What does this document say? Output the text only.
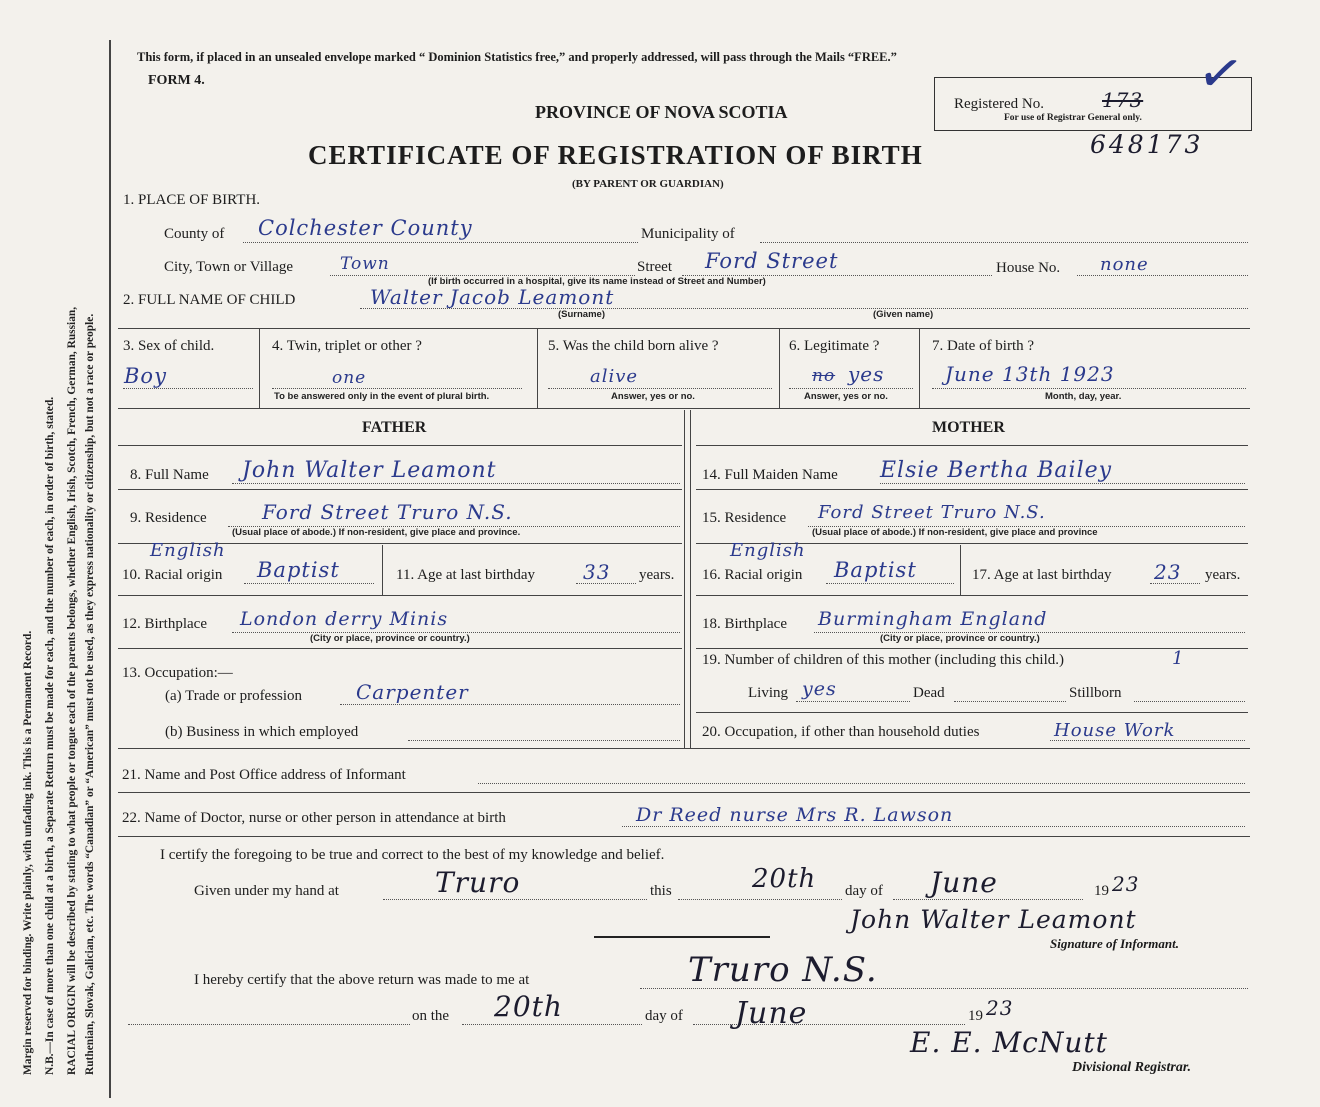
Margin reserved for binding. Write plainly, with unfading ink. This is a Permanent Record. N.B.—In case of more than one child at a birth, a Separate Return must be made for each, and the number of each, in order of birth, stated. RACIAL ORIGIN will be described by stating to what people or tongue each of the parents belongs, whether English, Irish, Scotch, French, German, Russian, Ruthenian, Slovak, Galician, etc. The words “Canadian” or “American” must not be used, as they express nationality or citizenship, but not a race or people.
This form, if placed in an unsealed envelope marked “ Dominion Statistics free,” and properly addressed, will pass through the Mails “FREE.”
FORM 4.
PROVINCE OF NOVA SCOTIA
CERTIFICATE OF REGISTRATION OF BIRTH
(BY PARENT OR GUARDIAN)
Registered No.	173 ✓
For use of Registrar General only.
648173
1. PLACE OF BIRTH.
County of Colchester County	Municipality of
City, Town or Village	Town	Street Ford Street
(If birth occurred in a hospital, give its name instead of Street and Number)
House No. none
2. FULL NAME OF CHILD	Walter Jacob Leamont
(Surname)	(Given name)
3. Sex of child.
Boy
4. Twin, triplet or other ?
one
To be answered only in the event of plural birth.
5. Was the child born alive ?
alive
Answer, yes or no.
6. Legitimate ?
no yes
Answer, yes or no.
7. Date of birth ?
June 13th 1923
Month, day, year.
FATHER	MOTHER
8. Full Name John Walter Leamont	14. Full Maiden Name Elsie Bertha Bailey
9. Residence	Ford Street Truro N.S.
(Usual place of abode.) If non-resident, give place and province.
15. Residence Ford Street Truro N.S.
(Usual place of abode.) If non-resident, give place and province
English
10. Racial origin Baptist	11. Age at last birthday 33 years.
English
16. Racial origin Baptist	17. Age at last birthday 23 years.
12. Birthplace London derry Minis
(City or place, province or country.)
18. Birthplace Burmingham England
(City or place, province or country.)
13. Occupation:—
(a) Trade or profession	Carpenter
(b) Business in which employed
19. Number of children of this mother (including this child.)	1
Living yes	Dead	Stillborn
20. Occupation, if other than household duties	House Work
21. Name and Post Office address of Informant
22. Name of Doctor, nurse or other person in attendance at birth	Dr Reed nurse Mrs R. Lawson
I certify the foregoing to be true and correct to the best of my knowledge and belief.
Given under my hand at	Truro	this	20th day of June	19 23
John Walter Leamont
Signature of Informant.
I hereby certify that the above return was made to me at	Truro N.S.
on the 20th	day of June	19 23
E. E. McNutt
Divisional Registrar.
